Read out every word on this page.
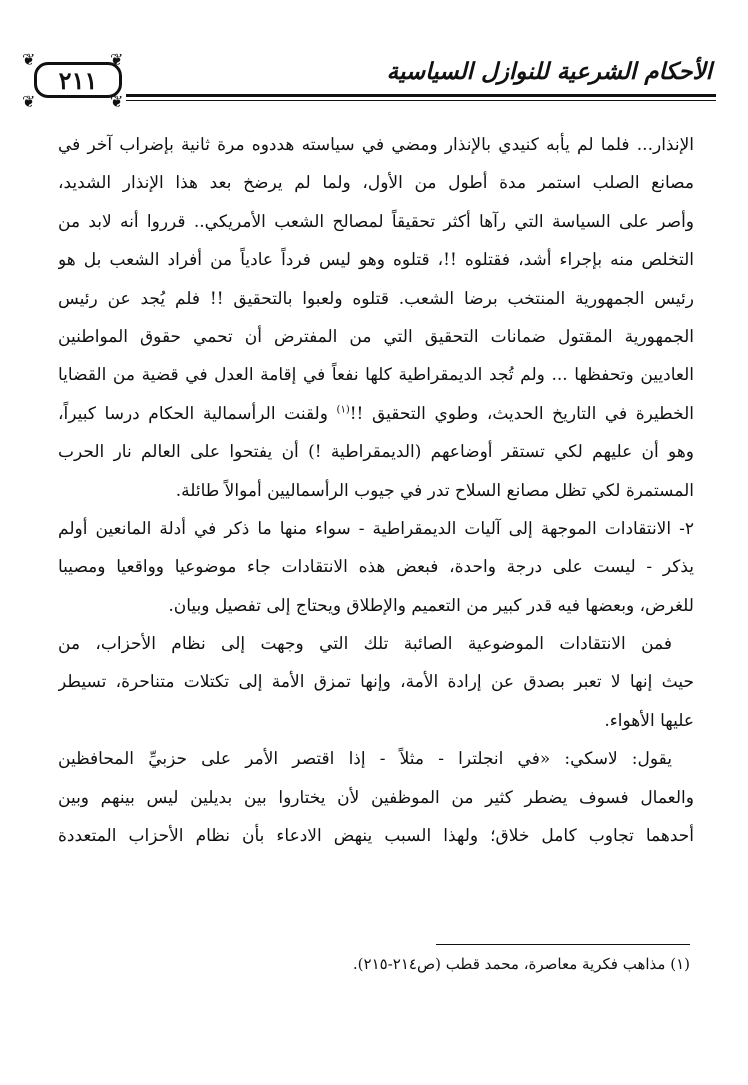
❦	❦
❦	❦
٢١١	الأحكام الشرعية للنوازل السياسية
الإنذار... فلما لم يأبه كنيدي بالإنذار ومضي في سياسته هددوه مرة ثانية بإضراب آخر في
مصانع الصلب استمر مدة أطول من الأول، ولما لم يرضخ بعد هذا الإنذار الشديد،
وأصر على السياسة التي رآها أكثر تحقيقاً لمصالح الشعب الأمريكي.. قرروا أنه لابد من
التخلص منه بإجراء أشد، فقتلوه !!، قتلوه وهو ليس فرداً عادياً من أفراد الشعب بل هو
رئيس الجمهورية المنتخب برضا الشعب. قتلوه ولعبوا بالتحقيق !! فلم يُجد عن رئيس
الجمهورية المقتول ضمانات التحقيق التي من المفترض أن تحمي حقوق المواطنين
العاديين وتحفظها ... ولم تُجد الديمقراطية كلها نفعاً في إقامة العدل في قضية من القضايا
الخطيرة في التاريخ الحديث، وطوي التحقيق !!$^{(١)}$ ولقنت الرأسمالية الحكام درسا كبيراً،
وهو أن عليهم لكي تستقر أوضاعهم (الديمقراطية !) أن يفتحوا على العالم نار الحرب
المستمرة لكي تظل مصانع السلاح تدر في جيوب الرأسماليين أموالاً طائلة.
٢- الانتقادات الموجهة إلى آليات الديمقراطية - سواء منها ما ذكر في أدلة المانعين أولم
يذكر - ليست على درجة واحدة، فبعض هذه الانتقادات جاء موضوعيا وواقعيا ومصيبا
للغرض، وبعضها فيه قدر كبير من التعميم والإطلاق ويحتاج إلى تفصيل وبيان.
فمن الانتقادات الموضوعية الصائبة تلك التي وجهت إلى نظام الأحزاب، من
حيث إنها لا تعبر بصدق عن إرادة الأمة، وإنها تمزق الأمة إلى تكتلات متناحرة، تسيطر
عليها الأهواء.
يقول: لاسكي: «في انجلترا - مثلاً - إذا اقتصر الأمر على حزبيِّ المحافظين
والعمال فسوف يضطر كثير من الموظفين لأن يختاروا بين بديلين ليس بينهم وبين
أحدهما تجاوب كامل خلاق؛ ولهذا السبب ينهض الادعاء بأن نظام الأحزاب المتعددة
(١) مذاهب فكرية معاصرة، محمد قطب (ص٢١٤-٢١٥).
